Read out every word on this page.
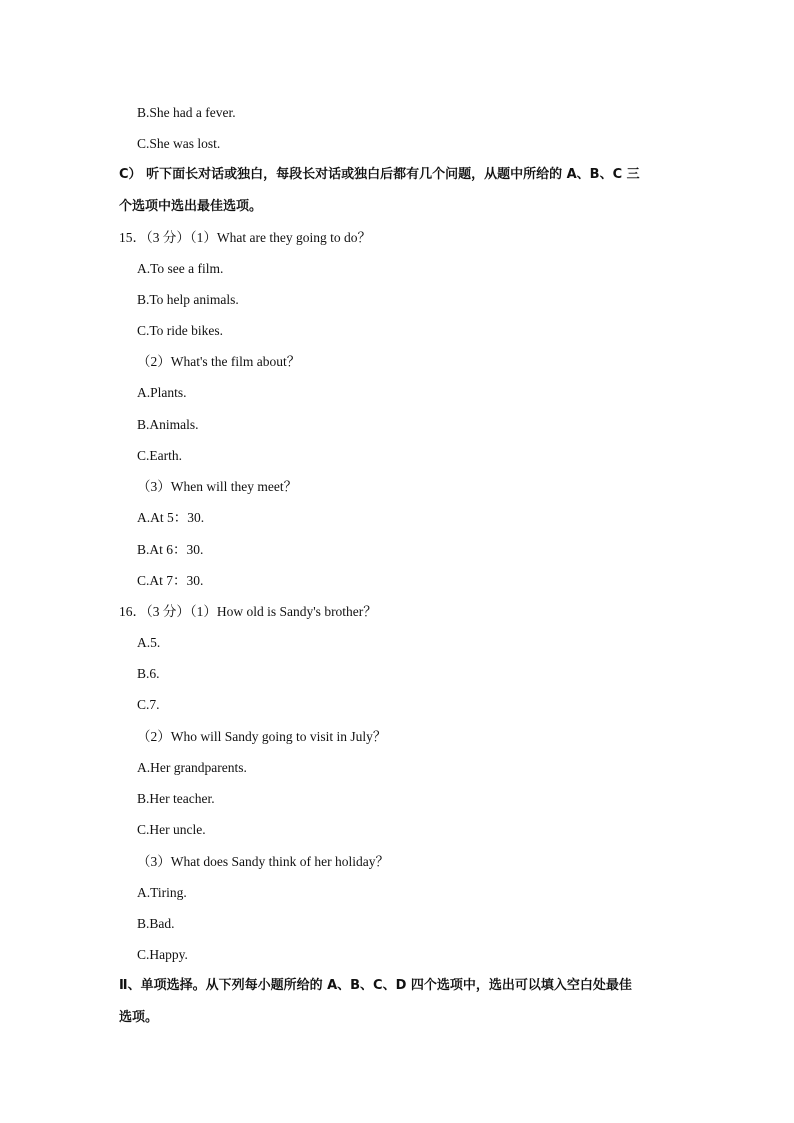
B.She had a fever.
C.She was lost.
C） 听下面长对话或独白，每段长对话或独白后都有几个问题，从题中所给的 A、B、C 三
个选项中选出最佳选项。
15．（3 分）（1）What are they going to do？
A.To see a film.
B.To help animals.
C.To ride bikes.
（2）What's the film about？
A.Plants.
B.Animals.
C.Earth.
（3）When will they meet？
A.At 5：30.
B.At 6：30.
C.At 7：30.
16．（3 分）（1）How old is Sandy's brother？
A.5.
B.6.
C.7.
（2）Who will Sandy going to visit in July？
A.Her grandparents.
B.Her teacher.
C.Her uncle.
（3）What does Sandy think of her holiday？
A.Tiring.
B.Bad.
C.Happy.
Ⅱ、单项选择。从下列每小题所给的 A、B、C、D 四个选项中，选出可以填入空白处最佳
选项。
